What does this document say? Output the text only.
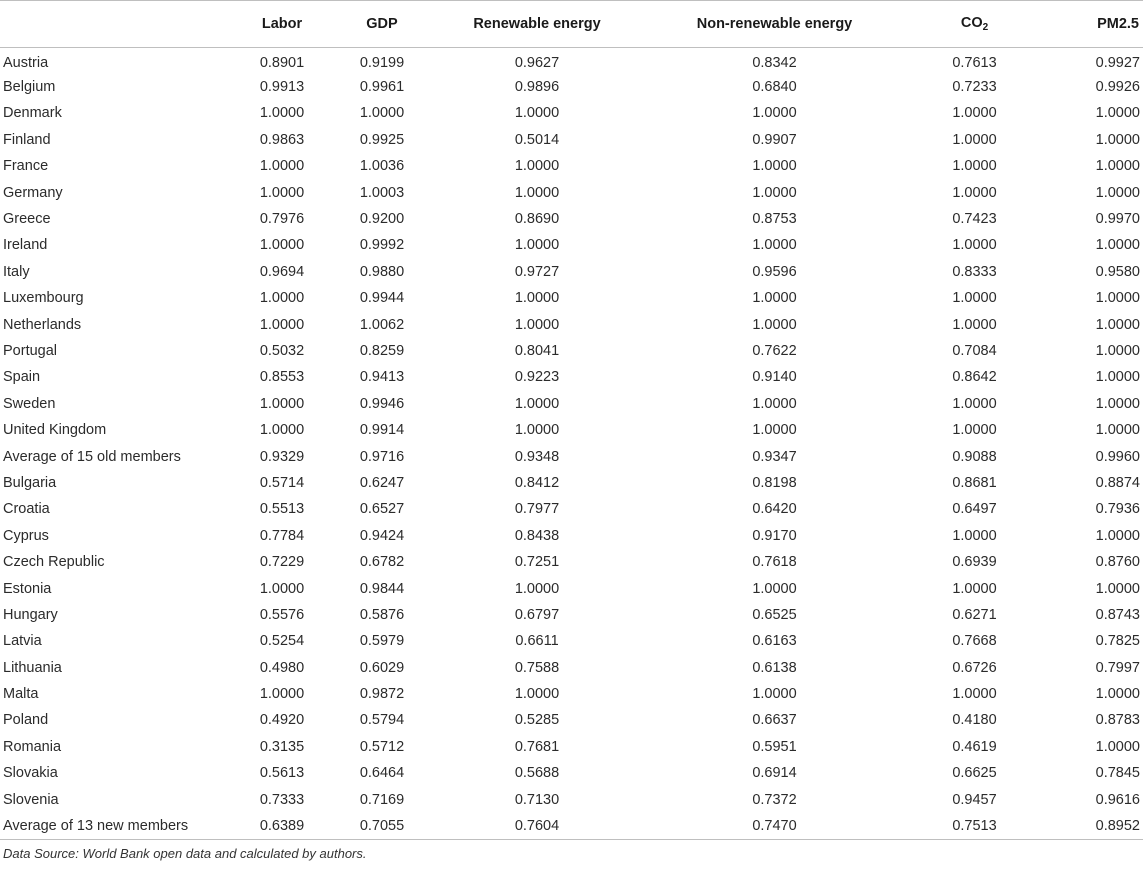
	Labor	GDP	Renewable energy	Non-renewable energy	$CO_2$	PM2.5
Austria	0.8901	0.9199	0.9627	0.8342	0.7613	0.9927
Belgium	0.9913	0.9961	0.9896	0.6840	0.7233	0.9926
Denmark	1.0000	1.0000	1.0000	1.0000	1.0000	1.0000
Finland	0.9863	0.9925	0.5014	0.9907	1.0000	1.0000
France	1.0000	1.0036	1.0000	1.0000	1.0000	1.0000
Germany	1.0000	1.0003	1.0000	1.0000	1.0000	1.0000
Greece	0.7976	0.9200	0.8690	0.8753	0.7423	0.9970
Ireland	1.0000	0.9992	1.0000	1.0000	1.0000	1.0000
Italy	0.9694	0.9880	0.9727	0.9596	0.8333	0.9580
Luxembourg	1.0000	0.9944	1.0000	1.0000	1.0000	1.0000
Netherlands	1.0000	1.0062	1.0000	1.0000	1.0000	1.0000
Portugal	0.5032	0.8259	0.8041	0.7622	0.7084	1.0000
Spain	0.8553	0.9413	0.9223	0.9140	0.8642	1.0000
Sweden	1.0000	0.9946	1.0000	1.0000	1.0000	1.0000
United Kingdom	1.0000	0.9914	1.0000	1.0000	1.0000	1.0000
Average of 15 old members	0.9329	0.9716	0.9348	0.9347	0.9088	0.9960
Bulgaria	0.5714	0.6247	0.8412	0.8198	0.8681	0.8874
Croatia	0.5513	0.6527	0.7977	0.6420	0.6497	0.7936
Cyprus	0.7784	0.9424	0.8438	0.9170	1.0000	1.0000
Czech Republic	0.7229	0.6782	0.7251	0.7618	0.6939	0.8760
Estonia	1.0000	0.9844	1.0000	1.0000	1.0000	1.0000
Hungary	0.5576	0.5876	0.6797	0.6525	0.6271	0.8743
Latvia	0.5254	0.5979	0.6611	0.6163	0.7668	0.7825
Lithuania	0.4980	0.6029	0.7588	0.6138	0.6726	0.7997
Malta	1.0000	0.9872	1.0000	1.0000	1.0000	1.0000
Poland	0.4920	0.5794	0.5285	0.6637	0.4180	0.8783
Romania	0.3135	0.5712	0.7681	0.5951	0.4619	1.0000
Slovakia	0.5613	0.6464	0.5688	0.6914	0.6625	0.7845
Slovenia	0.7333	0.7169	0.7130	0.7372	0.9457	0.9616
Average of 13 new members	0.6389	0.7055	0.7604	0.7470	0.7513	0.8952
Data Source: World Bank open data and calculated by authors.
